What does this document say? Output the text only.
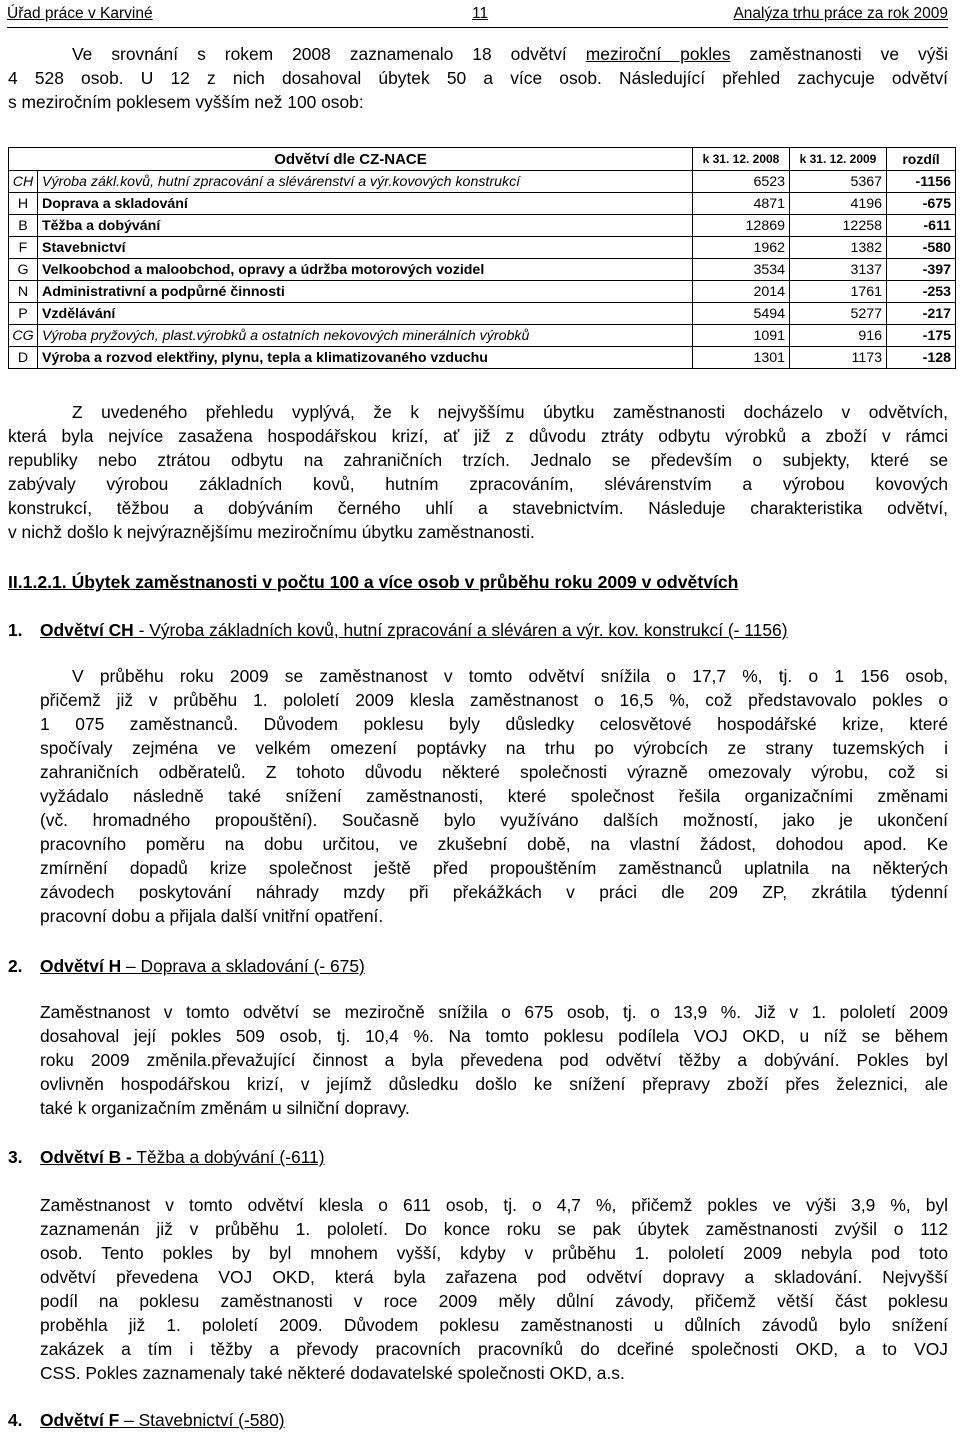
Úřad práce v Karviné	11	Analýza trhu práce za rok 2009
Ve srovnání s rokem 2008 zaznamenalo 18 odvětví meziroční pokles zaměstnanosti ve výši
4 528 osob. U 12 z nich dosahoval úbytek 50 a více osob. Následující přehled zachycuje odvětví
s meziročním poklesem vyšším než 100 osob:
Odvětví dle CZ-NACE		k 31. 12. 2008	k 31. 12. 2009	rozdíl
CH	Výroba zákl.kovů, hutní zpracování a slévárenství a výr.kovových konstrukcí	6523	5367	-1156
H	Doprava a skladování	4871	4196	-675
B	Těžba a dobývání	12869	12258	-611
F	Stavebnictví	1962	1382	-580
G	Velkoobchod a maloobchod, opravy a údržba motorových vozidel	3534	3137	-397
N	Administrativní a podpůrné činnosti	2014	1761	-253
P	Vzdělávání	5494	5277	-217
CG	Výroba pryžových, plast.výrobků a ostatních nekovových minerálních výrobků	1091	916	-175
D	Výroba a rozvod elektřiny, plynu, tepla a klimatizovaného vzduchu	1301	1173	-128
Z uvedeného přehledu vyplývá, že k nejvyššímu úbytku zaměstnanosti docházelo v odvětvích,
která byla nejvíce zasažena hospodářskou krizí, ať již z důvodu ztráty odbytu výrobků a zboží v rámci
republiky nebo ztrátou odbytu na zahraničních trzích. Jednalo se především o subjekty, které se
zabývaly výrobou základních kovů, hutním zpracováním, slévárenstvím a výrobou kovových
konstrukcí, těžbou a dobýváním černého uhlí a stavebnictvím. Následuje charakteristika odvětví,
v nichž došlo k nejvýraznějšímu meziročnímu úbytku zaměstnanosti.
II.1.2.1. Úbytek zaměstnanosti v počtu 100 a více osob v průběhu roku 2009 v odvětvích
1. Odvětví CH - Výroba základních kovů, hutní zpracování a sléváren a výr. kov. konstrukcí (- 1156)
V průběhu roku 2009 se zaměstnanost v tomto odvětví snížila o 17,7 %, tj. o 1 156 osob,
přičemž již v průběhu 1. pololetí 2009 klesla zaměstnanost o 16,5 %, což představovalo pokles o
1 075 zaměstnanců. Důvodem poklesu byly důsledky celosvětové hospodářské krize, které
spočívaly zejména ve velkém omezení poptávky na trhu po výrobcích ze strany tuzemských i
zahraničních odběratelů. Z tohoto důvodu některé společnosti výrazně omezovaly výrobu, což si
vyžádalo následně také snížení zaměstnanosti, které společnost řešila organizačními změnami
(vč. hromadného propouštění). Současně bylo využíváno dalších možností, jako je ukončení
pracovního poměru na dobu určitou, ve zkušební době, na vlastní žádost, dohodou apod. Ke
zmírnění dopadů krize společnost ještě před propouštěním zaměstnanců uplatnila na některých
závodech poskytování náhrady mzdy při překážkách v práci dle 209 ZP, zkrátila týdenní
pracovní dobu a přijala další vnitřní opatření.
2. Odvětví H – Doprava a skladování (- 675)
Zaměstnanost v tomto odvětví se meziročně snížila o 675 osob, tj. o 13,9 %. Již v 1. pololetí 2009
dosahoval její pokles 509 osob, tj. 10,4 %. Na tomto poklesu podílela VOJ OKD, u níž se během
roku 2009 změnila.převažující činnost a byla převedena pod odvětví těžby a dobývání. Pokles byl
ovlivněn hospodářskou krizí, v jejímž důsledku došlo ke snížení přepravy zboží přes železnici, ale
také k organizačním změnám u silniční dopravy.
3. Odvětví B - Těžba a dobývání (-611)
Zaměstnanost v tomto odvětví klesla o 611 osob, tj. o 4,7 %, přičemž pokles ve výši 3,9 %, byl
zaznamenán již v průběhu 1. pololetí. Do konce roku se pak úbytek zaměstnanosti zvýšil o 112
osob. Tento pokles by byl mnohem vyšší, kdyby v průběhu 1. pololetí 2009 nebyla pod toto
odvětví převedena VOJ OKD, která byla zařazena pod odvětví dopravy a skladování. Nejvyšší
podíl na poklesu zaměstnanosti v roce 2009 měly důlní závody, přičemž větší část poklesu
proběhla již 1. pololetí 2009. Důvodem poklesu zaměstnanosti u důlních závodů bylo snížení
zakázek a tím i těžby a převody pracovních pracovníků do dceřiné společnosti OKD, a to VOJ
CSS. Pokles zaznamenaly také některé dodavatelské společnosti OKD, a.s.
4. Odvětví F – Stavebnictví (-580)
